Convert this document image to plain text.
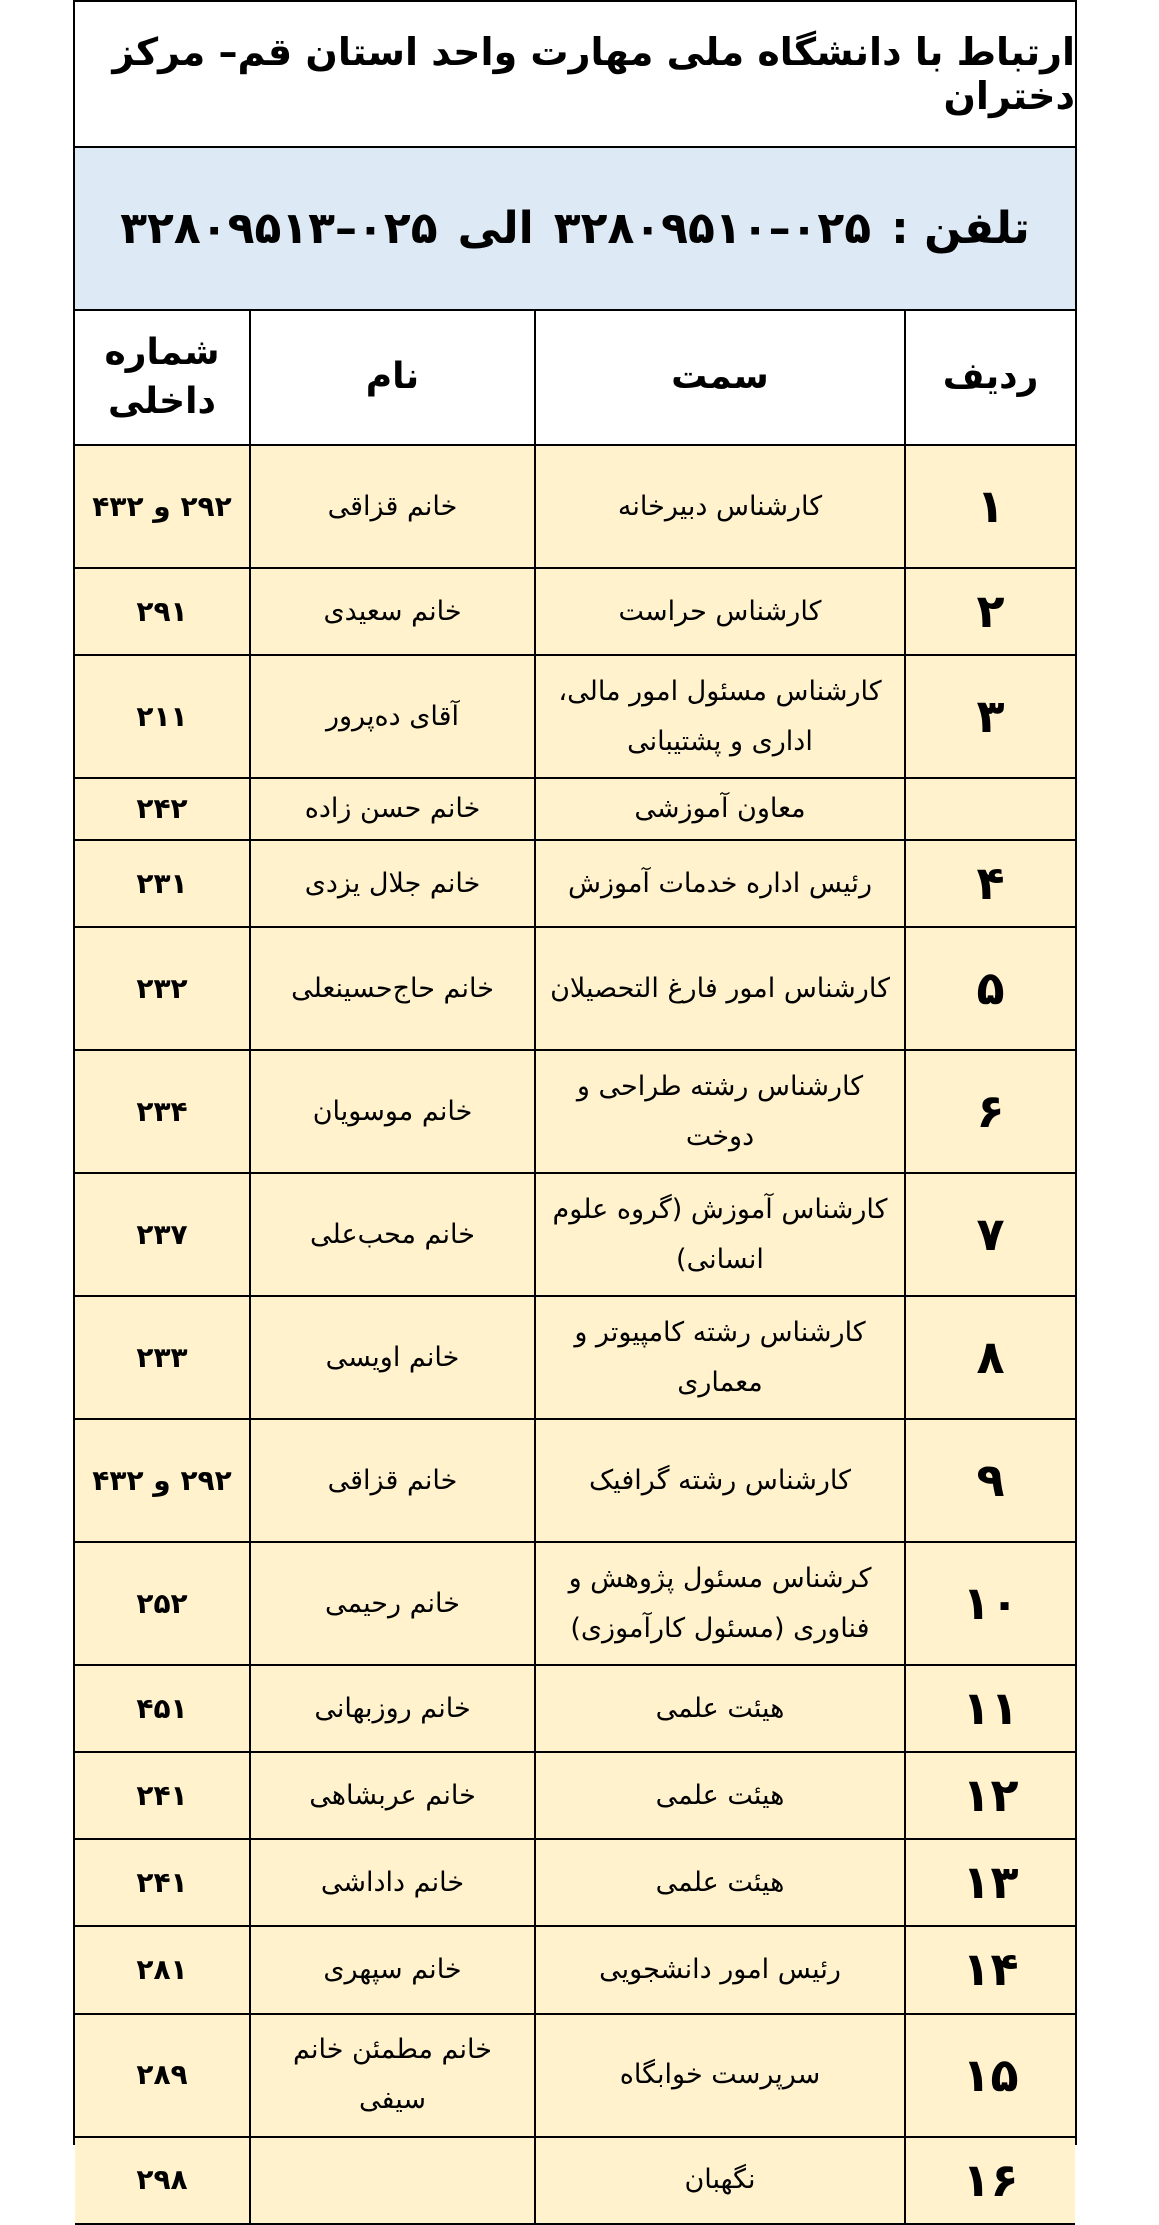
ارتباط با دانشگاه ملی مهارت واحد استان قم– مرکز دختران
تلفن :
۰۲۵–۳۲۸۰۹۵۱۰
الی
۰۲۵–۳۲۸۰۹۵۱۳
ردیف	سمت	نام	شماره داخلی
۱	کارشناس دبیرخانه	خانم قزاقی	۲۹۲ و ۴۳۲
۲	کارشناس حراست	خانم سعیدی	۲۹۱
۳	کارشناس مسئول امور مالی، اداری و پشتیبانی	آقای ده‌پرور	۲۱۱
	معاون آموزشی	خانم حسن زاده	۲۴۲
۴	رئیس اداره خدمات آموزش	خانم جلال یزدی	۲۳۱
۵	کارشناس امور فارغ التحصیلان	خانم حاج‌حسینعلی	۲۳۲
۶	کارشناس رشته طراحی و دوخت	خانم موسویان	۲۳۴
۷	کارشناس آموزش (گروه علوم انسانی)	خانم محب‌علی	۲۳۷
۸	کارشناس رشته کامپیوتر و معماری	خانم اویسی	۲۳۳
۹	کارشناس رشته گرافیک	خانم قزاقی	۲۹۲ و ۴۳۲
۱۰	کرشناس مسئول پژوهش و فناوری (مسئول کارآموزی)	خانم رحیمی	۲۵۲
۱۱	هیئت علمی	خانم روزبهانی	۴۵۱
۱۲	هیئت علمی	خانم عربشاهی	۲۴۱
۱۳	هیئت علمی	خانم داداشی	۲۴۱
۱۴	رئیس امور دانشجویی	خانم سپهری	۲۸۱
۱۵	سرپرست خوابگاه	خانم مطمئن خانم سیفی	۲۸۹
۱۶	نگهبان		۲۹۸
